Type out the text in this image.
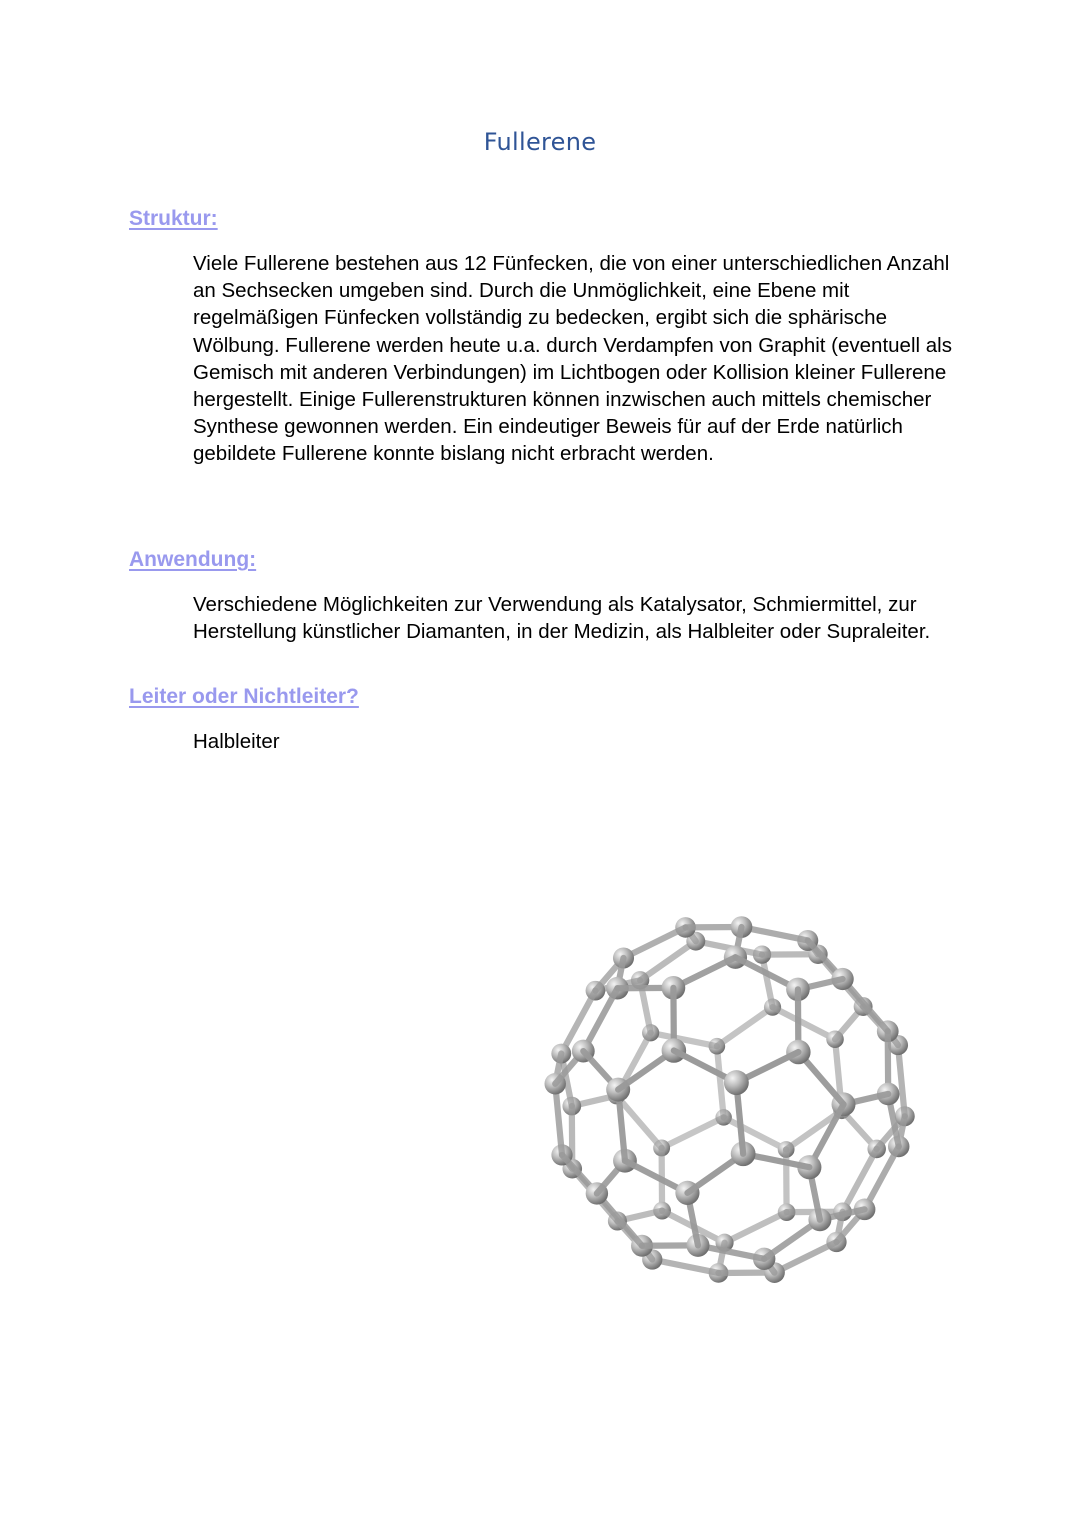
Fullerene
Struktur:
Viele Fullerene bestehen aus 12 Fünfecken, die von einer unterschiedlichen Anzahl an Sechsecken umgeben sind. Durch die Unmöglichkeit, eine Ebene mit regelmäßigen Fünfecken vollständig zu bedecken, ergibt sich die sphärische Wölbung. Fullerene werden heute u.a. durch Verdampfen von Graphit (eventuell als Gemisch mit anderen Verbindungen) im Lichtbogen oder Kollision kleiner Fullerene hergestellt. Einige Fullerenstrukturen können inzwischen auch mittels chemischer Synthese gewonnen werden. Ein eindeutiger Beweis für auf der Erde natürlich gebildete Fullerene konnte bislang nicht erbracht werden.
Anwendung:
Verschiedene Möglichkeiten zur Verwendung als Katalysator, Schmiermittel, zur Herstellung künstlicher Diamanten, in der Medizin, als Halbleiter oder Supraleiter.
Leiter oder Nichtleiter?
Halbleiter
